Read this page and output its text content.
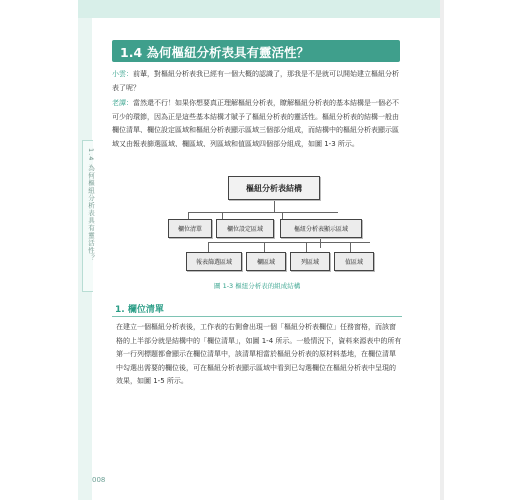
1.4 為何樞紐分析表具有靈活性？
1.4 為何樞紐分析表具有靈活性？
小雲：前輩，對樞紐分析表我已經有一個大概的認識了，那我是不是就可以開始建立樞紐分析表了呢？
老譚：當然還不行！如果你想要真正理解樞紐分析表，瞭解樞紐分析表的基本結構是一個必不可少的環節，因為正是這些基本結構才賦予了樞紐分析表的靈活性。樞紐分析表的結構一般由欄位清單、欄位設定區域和樞紐分析表顯示區域三個部分組成，而結構中的樞紐分析表顯示區域又由報表篩選區域、欄區域、列區域和值區域四個部分組成，如圖 1-3 所示。
樞紐分析表結構
欄位清單	欄位設定區域	樞紐分析表顯示區域
報表篩選區域	欄區域	列區域	值區域
圖 1-3 樞紐分析表的組成結構
1. 欄位清單
在建立一個樞紐分析表後，工作表的右側會出現一個「樞紐分析表欄位」任務窗格，而該窗格的上半部分就是結構中的「欄位清單」，如圖 1-4 所示。一般情況下，資料來源表中的所有第一行列標題都會顯示在欄位清單中，該清單相當於樞紐分析表的原材料基地，在欄位清單中勾選出需要的欄位後，可在樞紐分析表顯示區域中看到已勾選欄位在樞紐分析表中呈現的效果，如圖 1-5 所示。
008
